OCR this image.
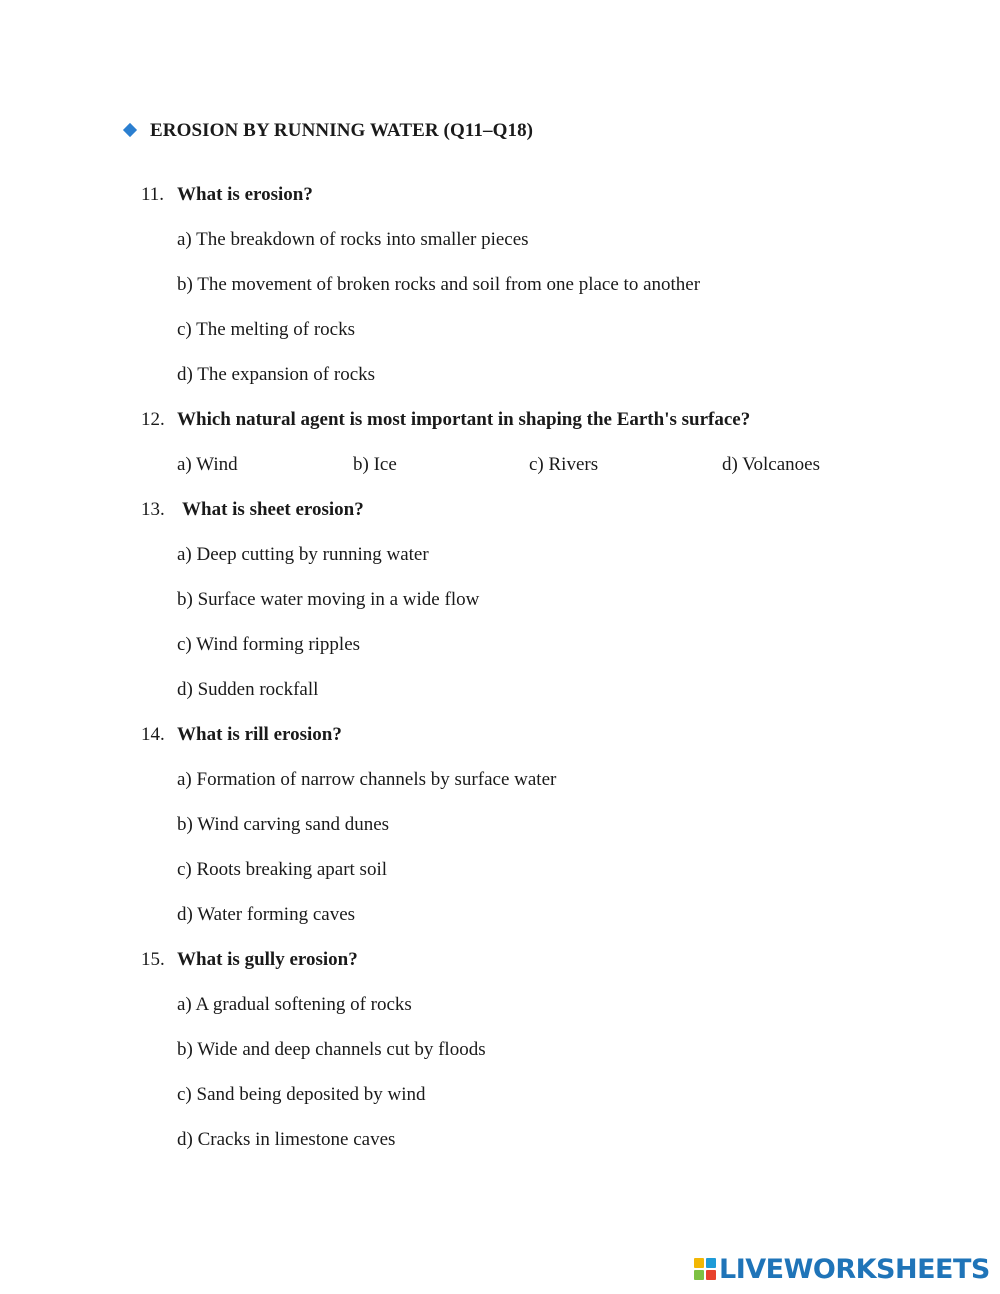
EROSION BY RUNNING WATER (Q11–Q18)
11. What is erosion?
a) The breakdown of rocks into smaller pieces
b) The movement of broken rocks and soil from one place to another
c) The melting of rocks
d) The expansion of rocks
12. Which natural agent is most important in shaping the Earth's surface?
a) Wind	b) Ice	c) Rivers	d) Volcanoes
13. What is sheet erosion?
a) Deep cutting by running water
b) Surface water moving in a wide flow
c) Wind forming ripples
d) Sudden rockfall
14. What is rill erosion?
a) Formation of narrow channels by surface water
b) Wind carving sand dunes
c) Roots breaking apart soil
d) Water forming caves
15. What is gully erosion?
a) A gradual softening of rocks
b) Wide and deep channels cut by floods
c) Sand being deposited by wind
d) Cracks in limestone caves
LIVEWORKSHEETS
